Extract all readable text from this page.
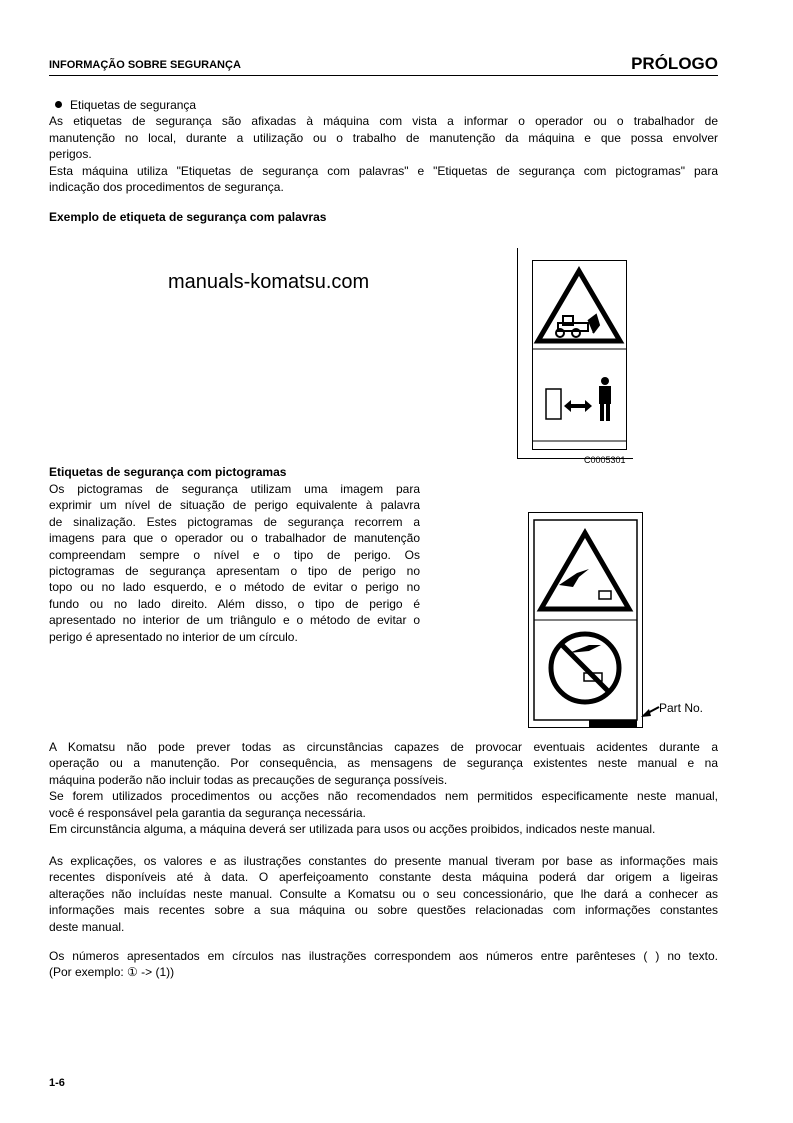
INFORMAÇÃO SOBRE SEGURANÇA	PRÓLOGO
Etiquetas de segurança
As etiquetas de segurança são afixadas à máquina com vista a informar o operador ou o trabalhador de
manutenção no local, durante a utilização ou o trabalho de manutenção da máquina e que possa envolver
perigos.
Esta máquina utiliza "Etiquetas de segurança com palavras" e "Etiquetas de segurança com pictogramas" para
indicação dos procedimentos de segurança.
Exemplo de etiqueta de segurança com palavras
manuals-komatsu.com
C0005301
Etiquetas de segurança com pictogramas
Os pictogramas de segurança utilizam uma imagem para
exprimir um nível de situação de perigo equivalente à palavra
de sinalização. Estes pictogramas de segurança recorrem a
imagens para que o operador ou o trabalhador de manutenção
compreendam sempre o nível e o tipo de perigo. Os
pictogramas de segurança apresentam o tipo de perigo no
topo ou no lado esquerdo, e o método de evitar o perigo no
fundo ou no lado direito. Além disso, o tipo de perigo é
apresentado no interior de um triângulo e o método de evitar o
perigo é apresentado no interior de um círculo.
Part No.
A Komatsu não pode prever todas as circunstâncias capazes de provocar eventuais acidentes durante a
operação ou a manutenção. Por consequência, as mensagens de segurança existentes neste manual e na
máquina poderão não incluir todas as precauções de segurança possíveis.
Se forem utilizados procedimentos ou acções não recomendados nem permitidos especificamente neste manual,
você é responsável pela garantia da segurança necessária.
Em circunstância alguma, a máquina deverá ser utilizada para usos ou acções proibidos, indicados neste manual.
As explicações, os valores e as ilustrações constantes do presente manual tiveram por base as informações mais
recentes disponíveis até à data. O aperfeiçoamento constante desta máquina poderá dar origem a ligeiras
alterações não incluídas neste manual. Consulte a Komatsu ou o seu concessionário, que lhe dará a conhecer as
informações mais recentes sobre a sua máquina ou sobre questões relacionadas com informações constantes
deste manual.
Os números apresentados em círculos nas ilustrações correspondem aos números entre parênteses ( ) no texto.
(Por exemplo: ① -> (1))
1-6
